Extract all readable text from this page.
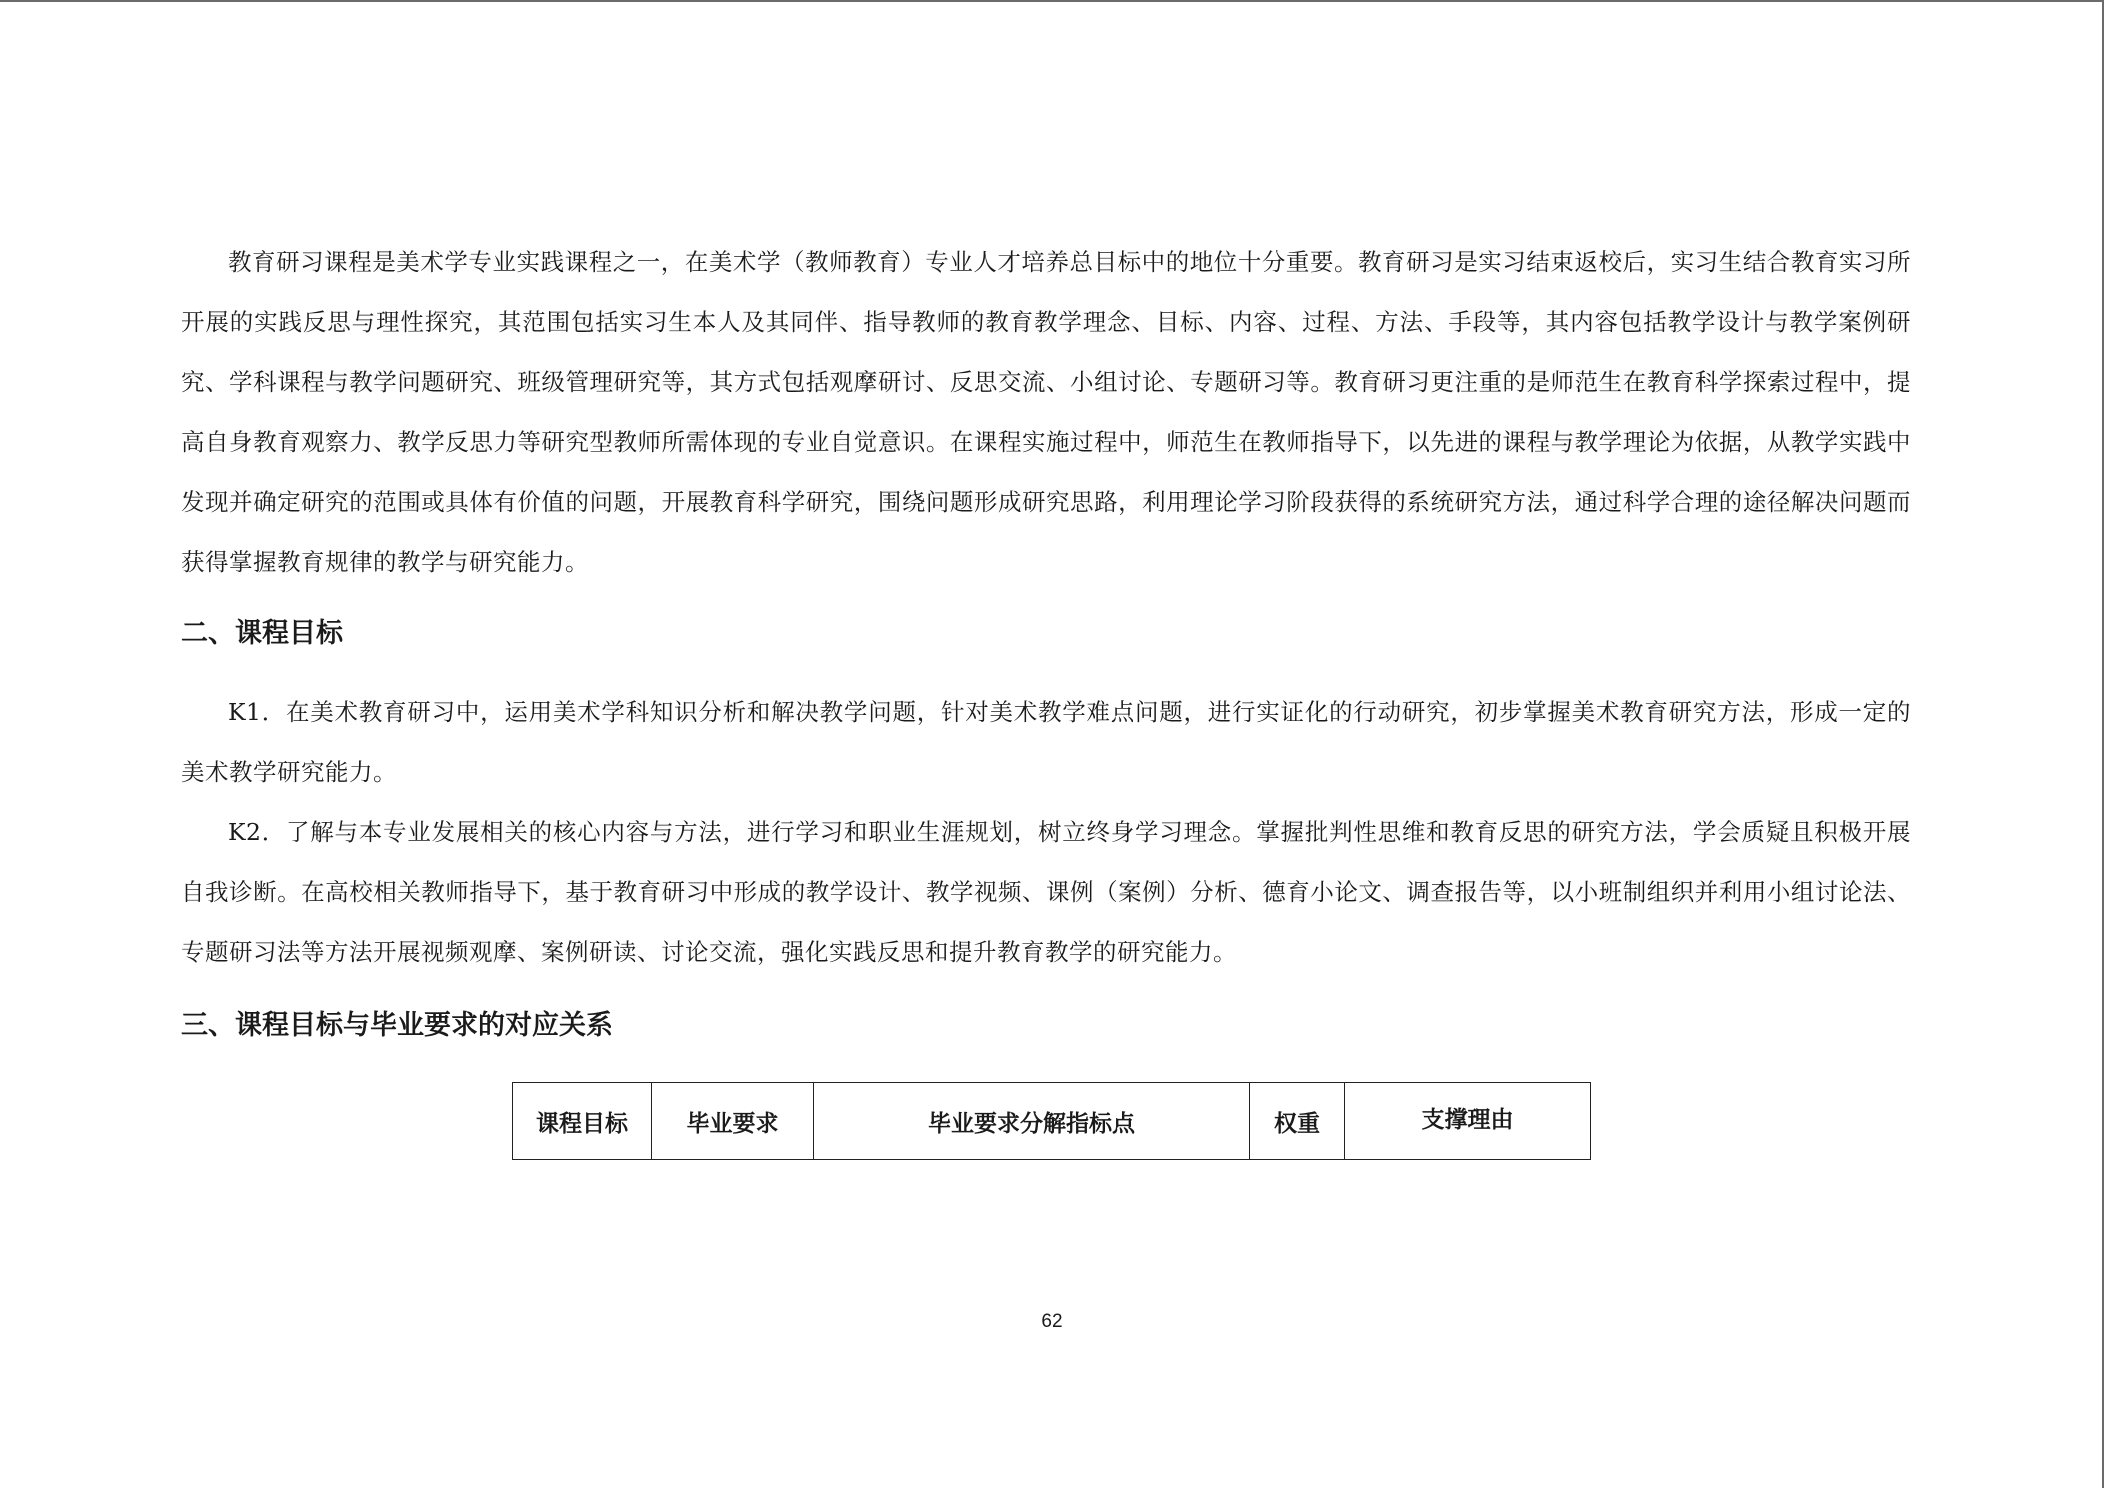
教育研习课程是美术学专业实践课程之一，在美术学（教师教育）专业人才培养总目标中的地位十分重要。教育研习是实习结束返校后，实习生结合教育实习所开展的实践反思与理性探究，其范围包括实习生本人及其同伴、指导教师的教育教学理念、目标、内容、过程、方法、手段等，其内容包括教学设计与教学案例研究、学科课程与教学问题研究、班级管理研究等，其方式包括观摩研讨、反思交流、小组讨论、专题研习等。教育研习更注重的是师范生在教育科学探索过程中，提高自身教育观察力、教学反思力等研究型教师所需体现的专业自觉意识。在课程实施过程中，师范生在教师指导下，以先进的课程与教学理论为依据，从教学实践中发现并确定研究的范围或具体有价值的问题，开展教育科学研究，围绕问题形成研究思路，利用理论学习阶段获得的系统研究方法，通过科学合理的途径解决问题而获得掌握教育规律的教学与研究能力。

二、课程目标

K1．在美术教育研习中，运用美术学科知识分析和解决教学问题，针对美术教学难点问题，进行实证化的行动研究，初步掌握美术教育研究方法，形成一定的美术教学研究能力。

K2．了解与本专业发展相关的核心内容与方法，进行学习和职业生涯规划，树立终身学习理念。掌握批判性思维和教育反思的研究方法，学会质疑且积极开展自我诊断。在高校相关教师指导下，基于教育研习中形成的教学设计、教学视频、课例（案例）分析、德育小论文、调查报告等，以小班制组织并利用小组讨论法、专题研习法等方法开展视频观摩、案例研读、讨论交流，强化实践反思和提升教育教学的研究能力。

三、课程目标与毕业要求的对应关系
课程目标	毕业要求	毕业要求分解指标点	权重	支撑理由
62
